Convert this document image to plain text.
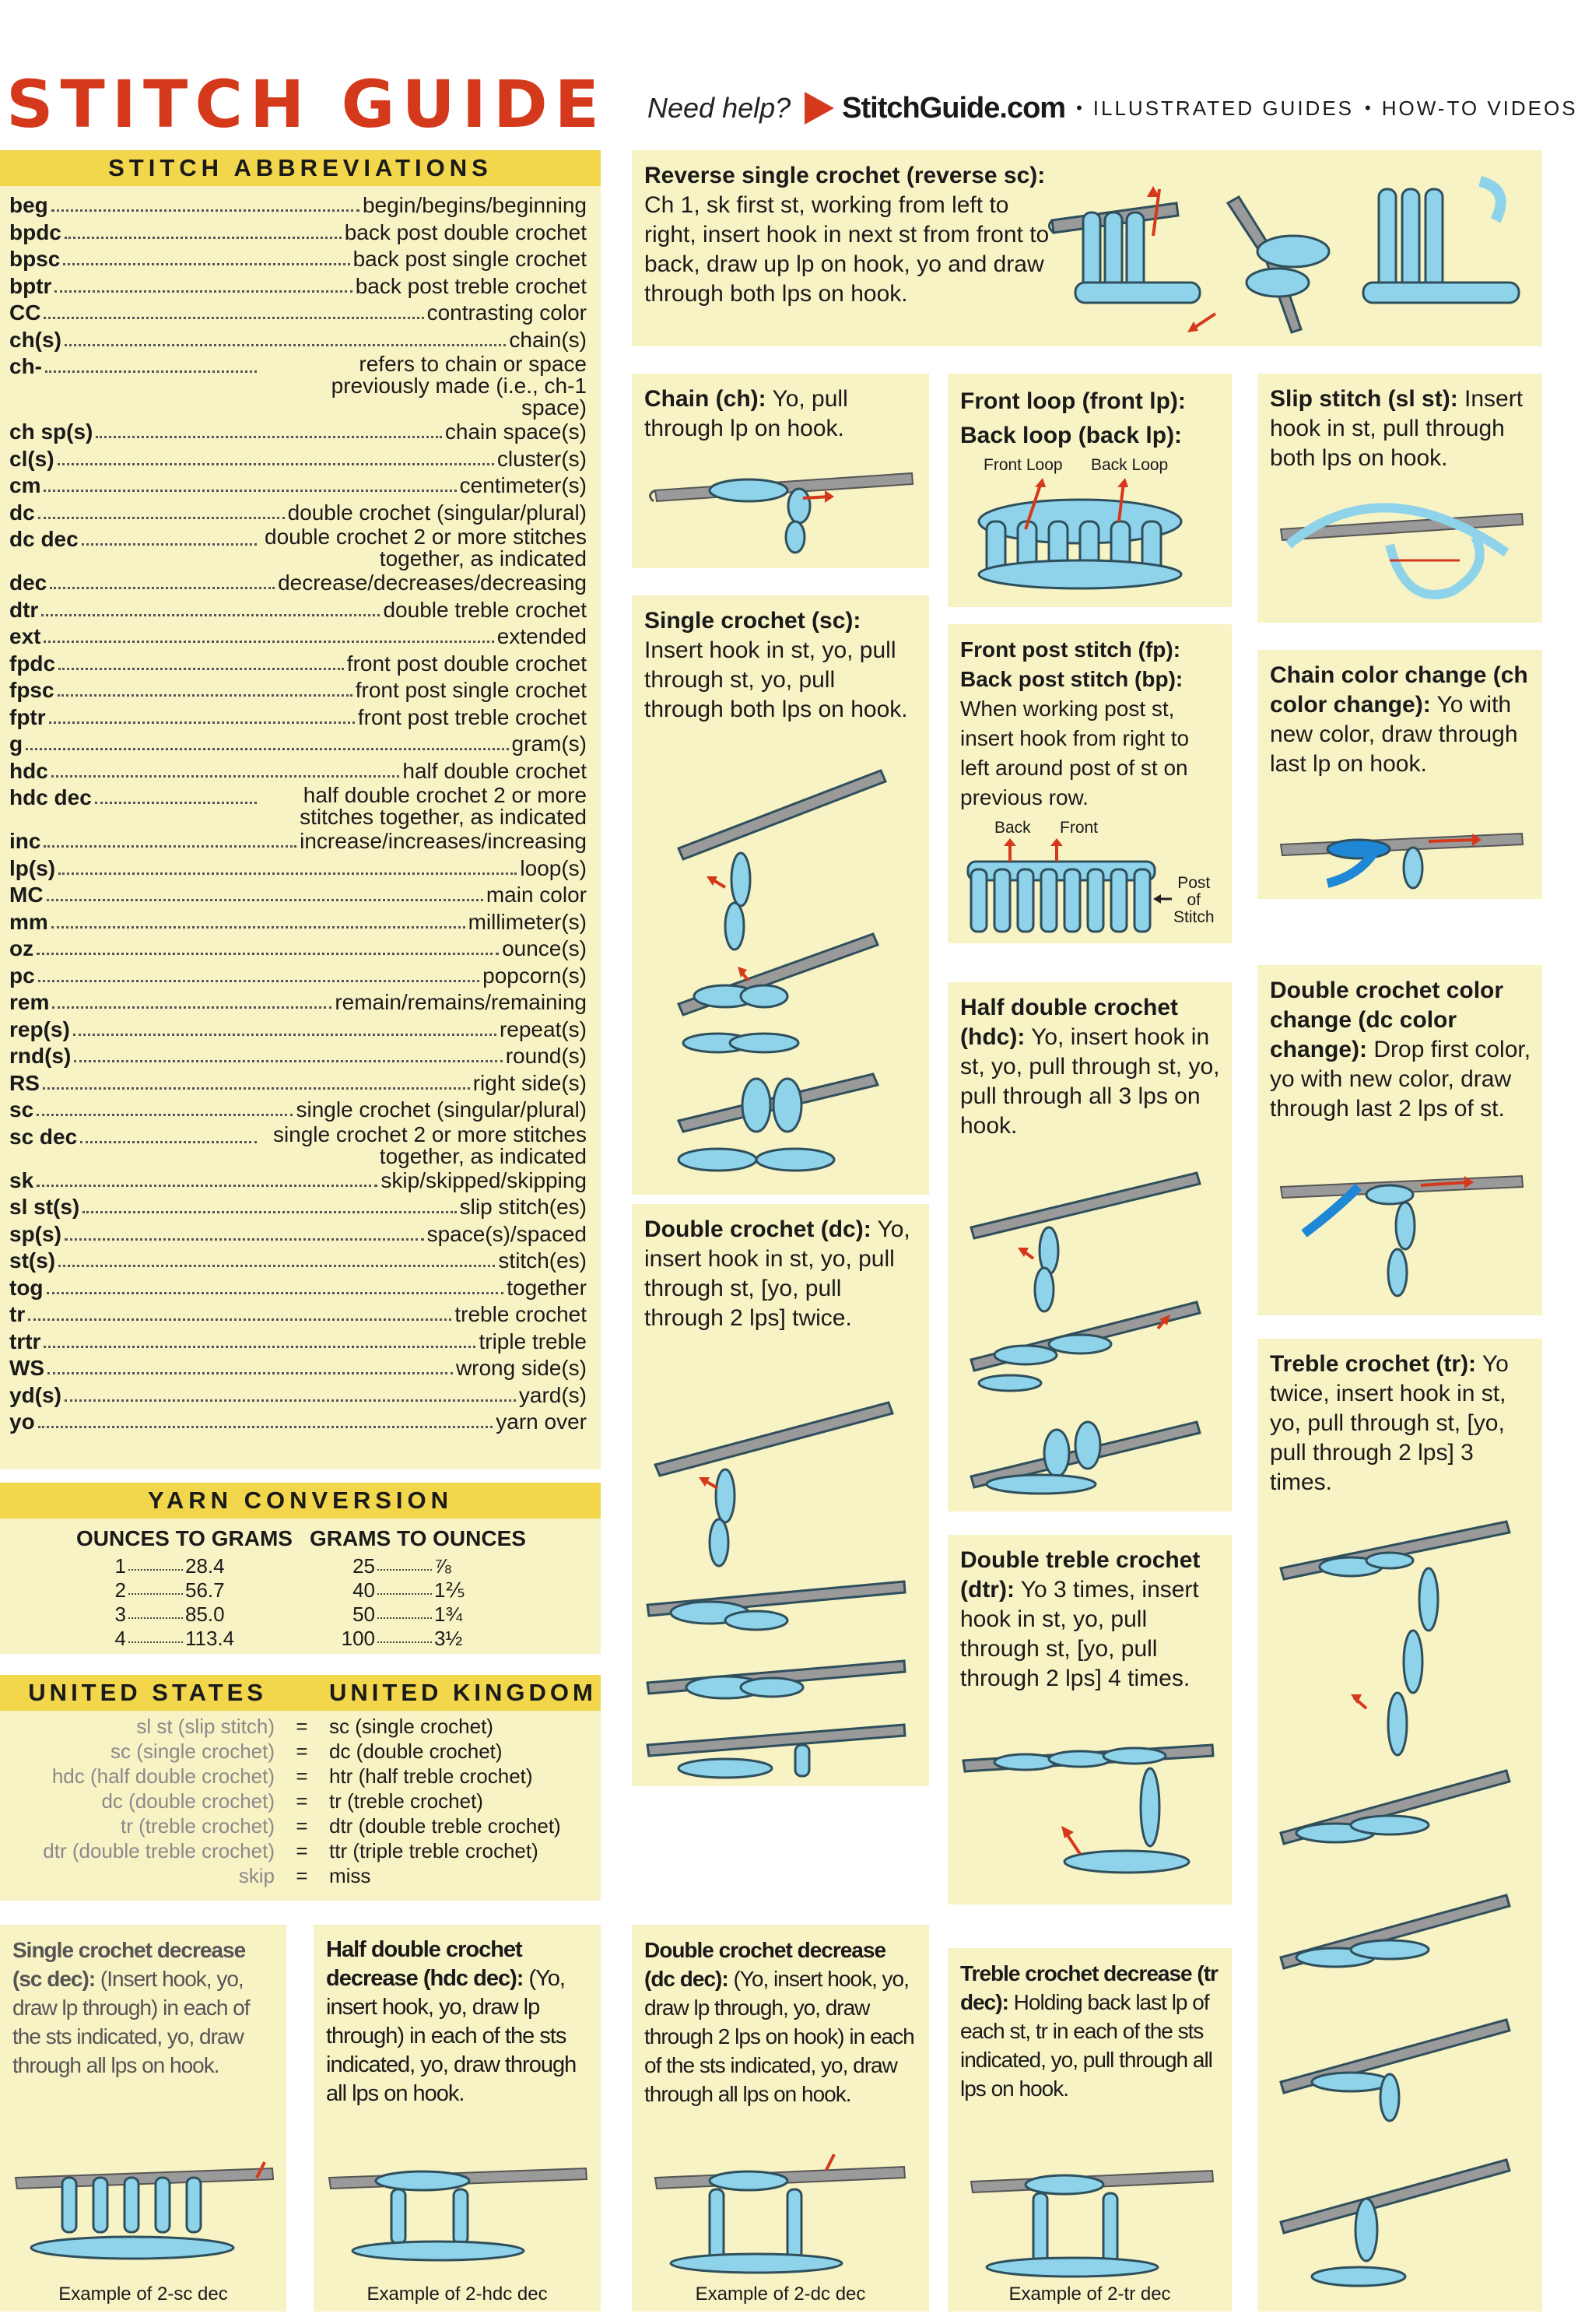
STITCH GUIDE Need help? StitchGuide.com • ILLUSTRATED GUIDES • HOW-TO VIDEOS
STITCH ABBREVIATIONS
beg	begin/begins/beginning
bpdc	back post double crochet
bpsc	back post single crochet
bptr	back post treble crochet
CC	contrasting color
ch(s)	chain(s)
ch-	refers to chain or space previously made (i.e., ch-1 space)
ch sp(s)	chain space(s)
cl(s)	cluster(s)
cm	centimeter(s)
dc	double crochet (singular/plural)
dc dec	double crochet 2 or more stitches together, as indicated
dec	decrease/decreases/decreasing
dtr	double treble crochet
ext	extended
fpdc	front post double crochet
fpsc	front post single crochet
fptr	front post treble crochet
g	gram(s)
hdc	half double crochet
hdc dec	half double crochet 2 or more stitches together, as indicated
inc	increase/increases/increasing
lp(s)	loop(s)
MC	main color
mm	millimeter(s)
oz	ounce(s)
pc	popcorn(s)
rem	remain/remains/remaining
rep(s)	repeat(s)
rnd(s)	round(s)
RS	right side(s)
sc	single crochet (singular/plural)
sc dec	single crochet 2 or more stitches together, as indicated
sk	skip/skipped/skipping
sl st(s)	slip stitch(es)
sp(s)	space(s)/spaced
st(s)	stitch(es)
tog	together
tr	treble crochet
trtr	triple treble
WS	wrong side(s)
yd(s)	yard(s)
yo	yarn over
YARN CONVERSION
OUNCES TO GRAMS GRAMS TO OUNCES
1	28.4
2	56.7
3	85.0
4	113.4
25	⅞
40	1⅖
50	1¾
100	3½
UNITED STATES	UNITED KINGDOM
sl st (slip stitch)	=	sc (single crochet)
sc (single crochet)	=	dc (double crochet)
hdc (half double crochet)	=	htr (half treble crochet)
dc (double crochet)	=	tr (treble crochet)
tr (treble crochet)	=	dtr (double treble crochet)
dtr (double treble crochet)	=	ttr (triple treble crochet)
skip	=	miss
Reverse single crochet (reverse sc): Ch 1, sk first st, working from left to right, insert hook in next st from front to back, draw up lp on hook, yo and draw through both lps on hook.
Chain (ch): Yo, pull through lp on hook.
Single crochet (sc): Insert hook in st, yo, pull through st, yo, pull through both lps on hook.
Double crochet (dc): Yo, insert hook in st, yo, pull through st, [yo, pull through 2 lps] twice.
Double crochet decrease (dc dec): (Yo, insert hook, yo, draw lp through, yo, draw through 2 lps on hook) in each of the sts indicated, yo, draw through all lps on hook.
Example of 2-dc dec
Front loop (front lp):
Back loop (back lp):
Front Loop Back Loop
Front post stitch (fp):
Back post stitch (bp): When working post st, insert hook from right to left around post of st on previous row.
Back Front
Post
of
Stitch
Half double crochet (hdc): Yo, insert hook in st, yo, pull through st, yo, pull through all 3 lps on hook.
Double treble crochet (dtr): Yo 3 times, insert hook in st, yo, pull through st, [yo, pull through 2 lps] 4 times.
Treble crochet decrease (tr dec): Holding back last lp of each st, tr in each of the sts indicated, yo, pull through all lps on hook.
Example of 2-tr dec
Slip stitch (sl st): Insert hook in st, pull through both lps on hook.
Chain color change (ch color change): Yo with new color, draw through last lp on hook.
Double crochet color change (dc color change): Drop first color, yo with new color, draw through last 2 lps of st.
Treble crochet (tr): Yo twice, insert hook in st, yo, pull through st, [yo, pull through 2 lps] 3 times.
Single crochet decrease (sc dec): (Insert hook, yo, draw lp through) in each of the sts indicated, yo, draw through all lps on hook.
Example of 2-sc dec
Half double crochet decrease (hdc dec): (Yo, insert hook, yo, draw lp through) in each of the sts indicated, yo, draw through all lps on hook.
Example of 2-hdc dec
